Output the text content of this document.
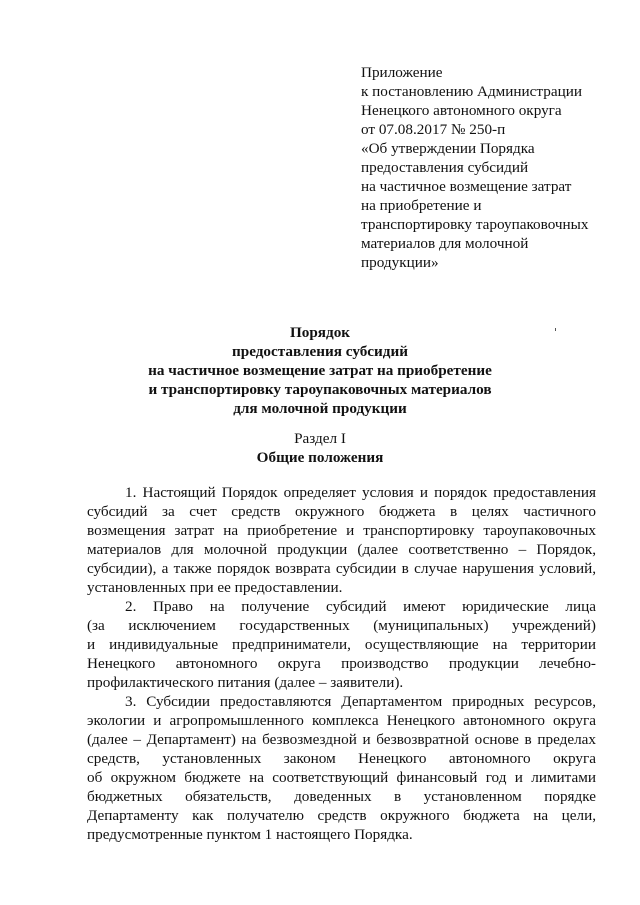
Приложение
к постановлению Администрации
Ненецкого автономного округа
от 07.08.2017 № 250-п
«Об утверждении Порядка
предоставления субсидий
на частичное возмещение затрат
на приобретение и
транспортировку тароупаковочных
материалов для молочной
продукции»
Порядок
предоставления субсидий
на частичное возмещение затрат на приобретение
и транспортировку тароупаковочных материалов
для молочной продукции
Раздел I
Общие положения
1. Настоящий Порядок определяет условия и порядок предоставления
субсидий за счет средств окружного бюджета в целях частичного
возмещения затрат на приобретение и транспортировку тароупаковочных
материалов для молочной продукции (далее соответственно – Порядок,
субсидии), а также порядок возврата субсидии в случае нарушения условий,
установленных при ее предоставлении.
2. Право на получение субсидий имеют юридические лица
(за исключением государственных (муниципальных) учреждений)
и индивидуальные предприниматели, осуществляющие на территории
Ненецкого автономного округа производство продукции лечебно-
профилактического питания (далее – заявители).
3. Субсидии предоставляются Департаментом природных ресурсов,
экологии и агропромышленного комплекса Ненецкого автономного округа
(далее – Департамент) на безвозмездной и безвозвратной основе в пределах
средств, установленных законом Ненецкого автономного округа
об окружном бюджете на соответствующий финансовый год и лимитами
бюджетных обязательств, доведенных в установленном порядке
Департаменту как получателю средств окружного бюджета на цели,
предусмотренные пунктом 1 настоящего Порядка.
